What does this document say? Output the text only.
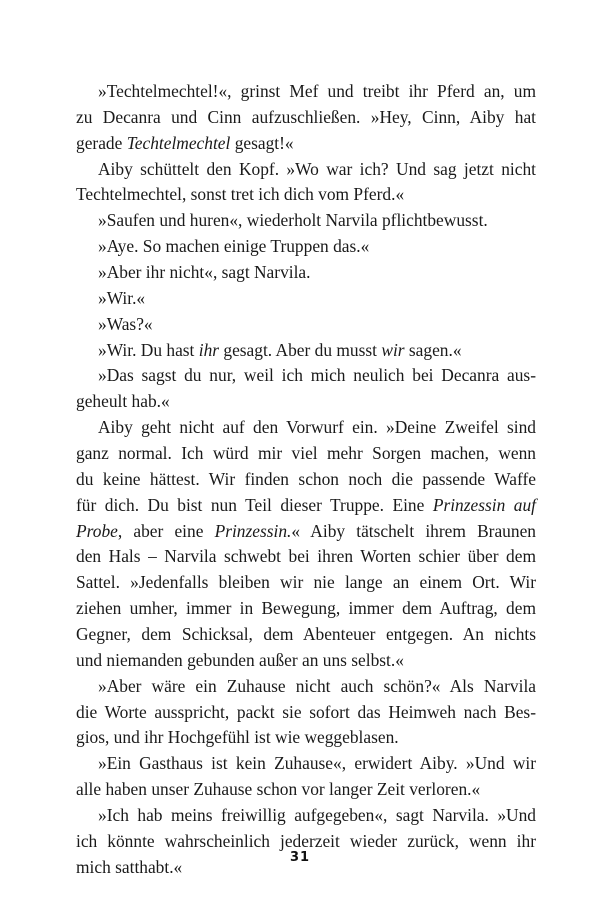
»Techtelmechtel!«, grinst Mef und treibt ihr Pferd an, um
zu Decanra und Cinn aufzuschließen. »Hey, Cinn, Aiby hat
gerade Techtelmechtel gesagt!«
Aiby schüttelt den Kopf. »Wo war ich? Und sag jetzt nicht
Techtelmechtel, sonst tret ich dich vom Pferd.«
»Saufen und huren«, wiederholt Narvila pflichtbewusst.
»Aye. So machen einige Truppen das.«
»Aber ihr nicht«, sagt Narvila.
»Wir.«
»Was?«
»Wir. Du hast ihr gesagt. Aber du musst wir sagen.«
»Das sagst du nur, weil ich mich neulich bei Decanra aus-
geheult hab.«
Aiby geht nicht auf den Vorwurf ein. »Deine Zweifel sind
ganz normal. Ich würd mir viel mehr Sorgen machen, wenn
du keine hättest. Wir finden schon noch die passende Waffe
für dich. Du bist nun Teil dieser Truppe. Eine Prinzessin auf
Probe, aber eine Prinzessin.« Aiby tätschelt ihrem Braunen
den Hals – Narvila schwebt bei ihren Worten schier über dem
Sattel. »Jedenfalls bleiben wir nie lange an einem Ort. Wir
ziehen umher, immer in Bewegung, immer dem Auftrag, dem
Gegner, dem Schicksal, dem Abenteuer entgegen. An nichts
und niemanden gebunden außer an uns selbst.«
»Aber wäre ein Zuhause nicht auch schön?« Als Narvila
die Worte ausspricht, packt sie sofort das Heimweh nach Bes-
gios, und ihr Hochgefühl ist wie weggeblasen.
»Ein Gasthaus ist kein Zuhause«, erwidert Aiby. »Und wir
alle haben unser Zuhause schon vor langer Zeit verloren.«
»Ich hab meins freiwillig aufgegeben«, sagt Narvila. »Und
ich könnte wahrscheinlich jederzeit wieder zurück, wenn ihr
mich satthabt.«	31
